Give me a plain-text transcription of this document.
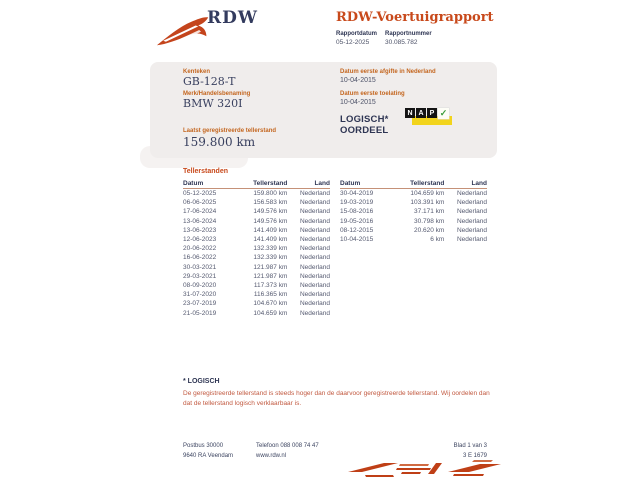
RDW	RDW-Voertuigrapport
Rapportdatum
05-12-2025
Rapportnummer
30.085.782
Kenteken
GB-128-T
Merk/Handelsbenaming
BMW 320I
Laatst geregistreerde tellerstand
159.800 km
Datum eerste afgifte in Nederland
10-04-2015
Datum eerste toelating
10-04-2015
LOGISCH*
OORDEEL
N A P ✓
Tellerstanden
Datum	Tellerstand	Land
05-12-2025	159.800 km	Nederland
06-06-2025	156.583 km	Nederland
17-06-2024	149.576 km	Nederland
13-06-2024	149.576 km	Nederland
13-06-2023	141.409 km	Nederland
12-06-2023	141.409 km	Nederland
20-06-2022	132.339 km	Nederland
16-06-2022	132.339 km	Nederland
30-03-2021	121.987 km	Nederland
29-03-2021	121.987 km	Nederland
08-09-2020	117.373 km	Nederland
31-07-2020	116.365 km	Nederland
23-07-2019	104.670 km	Nederland
21-05-2019	104.659 km	Nederland
Datum	Tellerstand	Land
30-04-2019	104.659 km	Nederland
19-03-2019	103.391 km	Nederland
15-08-2016	37.171 km	Nederland
19-05-2016	30.798 km	Nederland
08-12-2015	20.620 km	Nederland
10-04-2015	6 km	Nederland
* LOGISCH
De geregistreerde tellerstand is steeds hoger dan de daarvoor geregistreerde tellerstand. Wij oordelen dan dat de tellerstand logisch verklaarbaar is.
Postbus 30000
9640 RA Veendam
Telefoon 088 008 74 47
www.rdw.nl
Blad 1 van 3
3 E 1679
